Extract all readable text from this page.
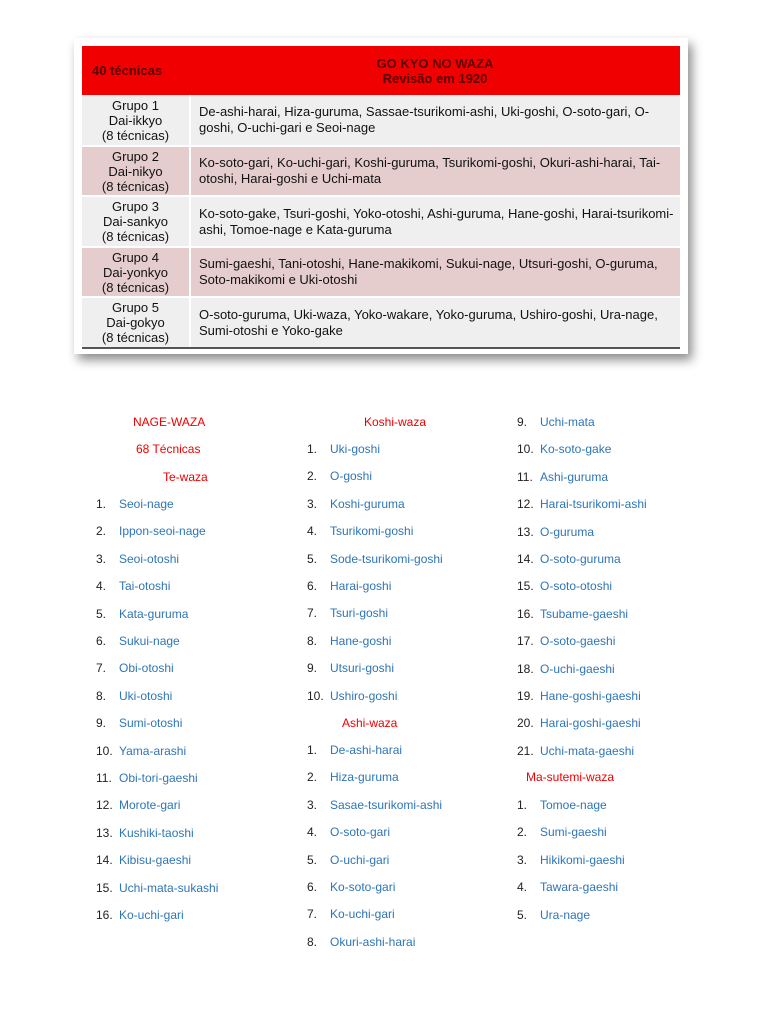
40 técnicas	GO KYO NO WAZA
Revisão em 1920

Grupo 1
Dai-ikkyo
(8 técnicas)	De-ashi-harai, Hiza-guruma, Sassae-tsurikomi-ashi, Uki-goshi, O-soto-gari, O-goshi, O-uchi-gari e Seoi-nage

Grupo 2
Dai-nikyo
(8 técnicas)	Ko-soto-gari, Ko-uchi-gari, Koshi-guruma, Tsurikomi-goshi, Okuri-ashi-harai, Tai-otoshi, Harai-goshi e Uchi-mata

Grupo 3
Dai-sankyo
(8 técnicas)	Ko-soto-gake, Tsuri-goshi, Yoko-otoshi, Ashi-guruma, Hane-goshi, Harai-tsurikomi-ashi, Tomoe-nage e Kata-guruma

Grupo 4
Dai-yonkyo
(8 técnicas)	Sumi-gaeshi, Tani-otoshi, Hane-makikomi, Sukui-nage, Utsuri-goshi, O-guruma, Soto-makikomi e Uki-otoshi

Grupo 5
Dai-gokyo
(8 técnicas)	O-soto-guruma, Uki-waza, Yoko-wakare, Yoko-guruma, Ushiro-goshi, Ura-nage, Sumi-otoshi e Yoko-gake
NAGE-WAZA
68 Técnicas
Te-waza
1.	Seoi-nage
2.	Ippon-seoi-nage
3.	Seoi-otoshi
4.	Tai-otoshi
5.	Kata-guruma
6.	Sukui-nage
7.	Obi-otoshi
8.	Uki-otoshi
9.	Sumi-otoshi
10. Yama-arashi
11. Obi-tori-gaeshi
12. Morote-gari
13. Kushiki-taoshi
14. Kibisu-gaeshi
15. Uchi-mata-sukashi
16. Ko-uchi-gari
Koshi-waza
1.	Uki-goshi
2.	O-goshi
3.	Koshi-guruma
4.	Tsurikomi-goshi
5.	Sode-tsurikomi-goshi
6.	Harai-goshi
7.	Tsuri-goshi
8.	Hane-goshi
9.	Utsuri-goshi
10. Ushiro-goshi
Ashi-waza
1.	De-ashi-harai
2.	Hiza-guruma
3.	Sasae-tsurikomi-ashi
4.	O-soto-gari
5.	O-uchi-gari
6.	Ko-soto-gari
7.	Ko-uchi-gari
8.	Okuri-ashi-harai
9.	Uchi-mata
10. Ko-soto-gake
11. Ashi-guruma
12. Harai-tsurikomi-ashi
13. O-guruma
14. O-soto-guruma
15. O-soto-otoshi
16. Tsubame-gaeshi
17. O-soto-gaeshi
18. O-uchi-gaeshi
19. Hane-goshi-gaeshi
20. Harai-goshi-gaeshi
21. Uchi-mata-gaeshi
Ma-sutemi-waza
1.	Tomoe-nage
2.	Sumi-gaeshi
3.	Hikikomi-gaeshi
4.	Tawara-gaeshi
5.	Ura-nage
